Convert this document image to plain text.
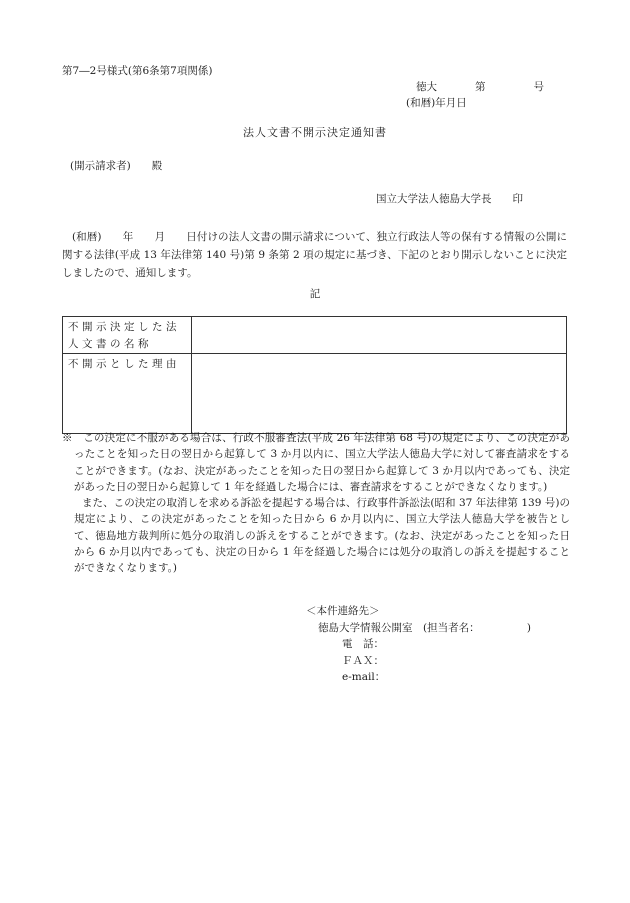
第7―2号様式(第6条第7項関係)
徳大	第	号
(和暦)年月日
法人文書不開示決定通知書
(開示請求者)　　殿
国立大学法人徳島大学長　　印
(和暦)　　年　　月　　日付けの法人文書の開示請求について、独立行政法人等の保有する情報の公開に関する法律(平成 13 年法律第 140 号)第 9 条第 2 項の規定に基づき、下記のとおり開示しないことに決定しましたので、通知します。
記
不開示決定した法人文書の名称	
不開示とした理由	

※　この決定に不服がある場合は、行政不服審査法(平成 26 年法律第 68 号)の規定により、この決定があったことを知った日の翌日から起算して 3 か月以内に、国立大学法人徳島大学に対して審査請求をすることができます。(なお、決定があったことを知った日の翌日から起算して 3 か月以内であっても、決定があった日の翌日から起算して 1 年を経過した場合には、審査請求をすることができなくなります。)

また、この決定の取消しを求める訴訟を提起する場合は、行政事件訴訟法(昭和 37 年法律第 139 号)の規定により、この決定があったことを知った日から 6 か月以内に、国立大学法人徳島大学を被告として、徳島地方裁判所に処分の取消しの訴えをすることができます。(なお、決定があったことを知った日から 6 か月以内であっても、決定の日から 1 年を経過した場合には処分の取消しの訴えを提起することができなくなります。)

＜本件連絡先＞
徳島大学情報公開室　(担当者名：　　　　　)
電　話：
ＦＡＸ：
e-mail：
